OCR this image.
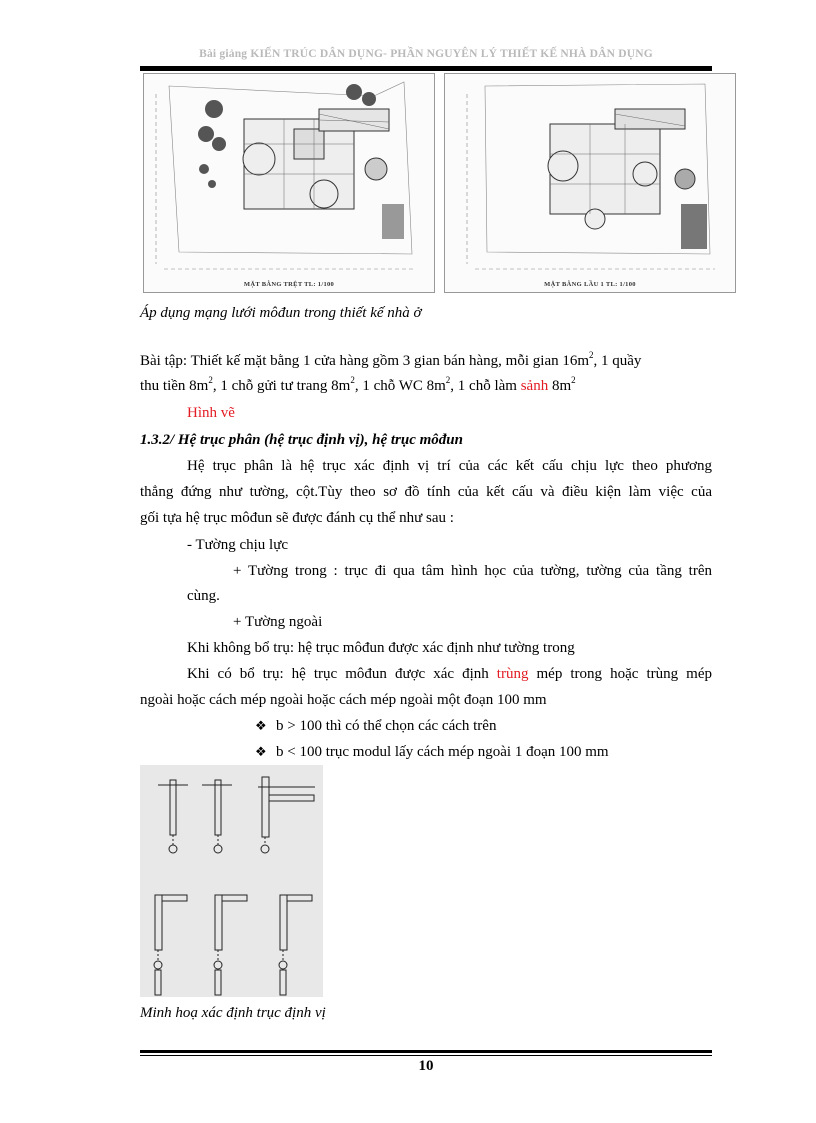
Bài giảng KIẾN TRÚC DÂN DỤNG- PHẦN NGUYÊN LÝ THIẾT KẾ NHÀ DÂN DỤNG
MẶT BẰNG TRỆT TL: 1/100	MẶT BẰNG LẦU 1 TL: 1/100
Áp dụng mạng lưới môđun trong thiết kế nhà ở
Bài tập: Thiết kế mặt bằng 1 cửa hàng gồm 3 gian bán hàng, mỗi gian $16m^2$, 1 quầy
thu tiền $8m^2$, 1 chỗ gửi tư trang $8m^2$, 1 chỗ WC $8m^2$, 1 chỗ làm sảnh $8m^2$
Hình vẽ
1.3.2/ Hệ trục phân (hệ trục định vị), hệ trục môđun
Hệ trục phân là hệ trục xác định vị trí của các kết cấu chịu lực theo phương
thẳng đứng như tường, cột.Tùy theo sơ đồ tính của kết cấu và điều kiện làm việc của
gối tựa hệ trục môđun sẽ được đánh cụ thể như sau :
- Tường chịu lực
+ Tường trong : trục đi qua tâm hình học của tường, tường của tầng trên
cùng.
+ Tường ngoài
Khi không bổ trụ: hệ trục môđun được xác định như tường trong
Khi có bổ trụ: hệ trục môđun được xác định trùng mép trong hoặc trùng mép
ngoài hoặc cách mép ngoài hoặc cách mép ngoài một đoạn 100 mm
❖ b > 100 thì có thể chọn các cách trên
❖ b < 100 trục modul lấy cách mép ngoài 1 đoạn 100 mm
Minh hoạ xác định trục định vị
10
